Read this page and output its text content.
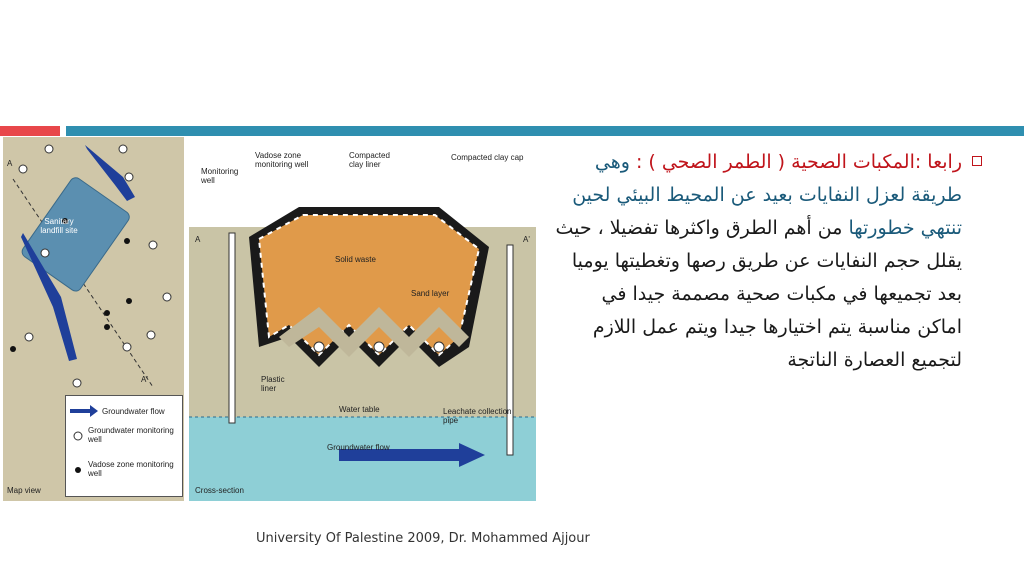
Sanitary landfill site
A
A'
Map view
Groundwater flow
Groundwater monitoring well
Vadose zone monitoring well
Monitoring well
Vadose zone monitoring well
Compacted clay liner
Compacted clay cap
A	A'
Solid waste
Sand layer
Plastic liner
Water table	Leachate collection pipe
Groundwater flow
Cross-section
رابعا :المكبات الصحية ( الطمر الصحي ) : وهي طريقة لعزل النفايات بعيد عن المحيط البيئي لحين تنتهي خطورتها من أهم الطرق واكثرها تفضيلا ، حيث يقلل حجم النفايات عن طريق رصها وتغطيتها يوميا بعد تجميعها في مكبات صحية مصممة جيدا في اماكن مناسبة يتم اختيارها جيدا ويتم عمل اللازم لتجميع العصارة الناتجة
University Of Palestine 2009, Dr. Mohammed Ajjour
